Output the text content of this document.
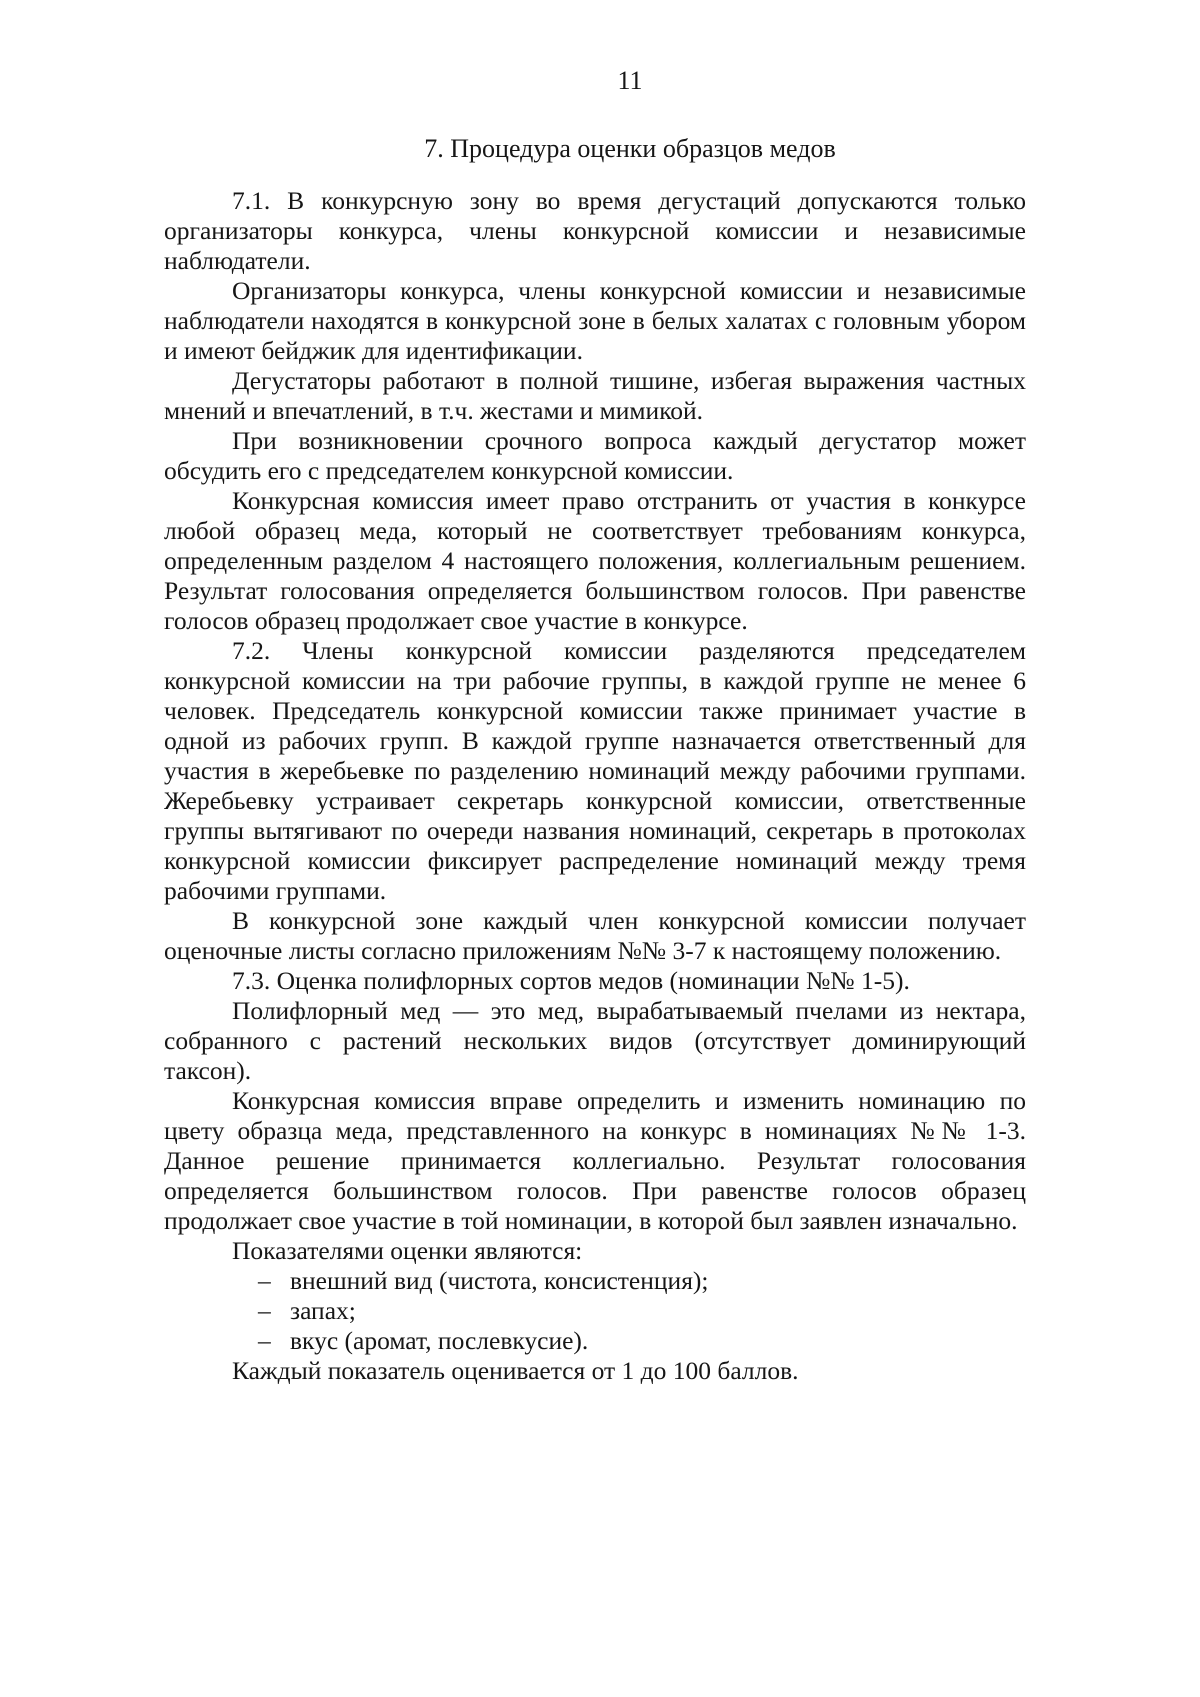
11
7. Процедура оценки образцов медов

7.1. В конкурсную зону во время дегустаций допускаются только организаторы конкурса, члены конкурсной комиссии и независимые наблюдатели.

Организаторы конкурса, члены конкурсной комиссии и независимые наблюдатели находятся в конкурсной зоне в белых халатах с головным убором и имеют бейджик для идентификации.

Дегустаторы работают в полной тишине, избегая выражения частных мнений и впечатлений, в т.ч. жестами и мимикой.

При возникновении срочного вопроса каждый дегустатор может обсудить его с председателем конкурсной комиссии.

Конкурсная комиссия имеет право отстранить от участия в конкурсе любой образец меда, который не соответствует требованиям конкурса, определенным разделом 4 настоящего положения, коллегиальным решением. Результат голосования определяется большинством голосов. При равенстве голосов образец продолжает свое участие в конкурсе.

7.2. Члены конкурсной комиссии разделяются председателем конкурсной комиссии на три рабочие группы, в каждой группе не менее 6 человек. Председатель конкурсной комиссии также принимает участие в одной из рабочих групп. В каждой группе назначается ответственный для участия в жеребьевке по разделению номинаций между рабочими группами. Жеребьевку устраивает секретарь конкурсной комиссии, ответственные группы вытягивают по очереди названия номинаций, секретарь в протоколах конкурсной комиссии фиксирует распределение номинаций между тремя рабочими группами.

В конкурсной зоне каждый член конкурсной комиссии получает оценочные листы согласно приложениям №№ 3-7 к настоящему положению.

7.3. Оценка полифлорных сортов медов (номинации №№ 1-5).

Полифлорный мед — это мед, вырабатываемый пчелами из нектара, собранного с растений нескольких видов (отсутствует доминирующий таксон).

Конкурсная комиссия вправе определить и изменить номинацию по цвету образца меда, представленного на конкурс в номинациях №№ 1-3. Данное решение принимается коллегиально. Результат голосования определяется большинством голосов. При равенстве голосов образец продолжает свое участие в той номинации, в которой был заявлен изначально.

Показателями оценки являются:

– внешний вид (чистота, консистенция);
– запах;
– вкус (аромат, послевкусие).

Каждый показатель оценивается от 1 до 100 баллов.
